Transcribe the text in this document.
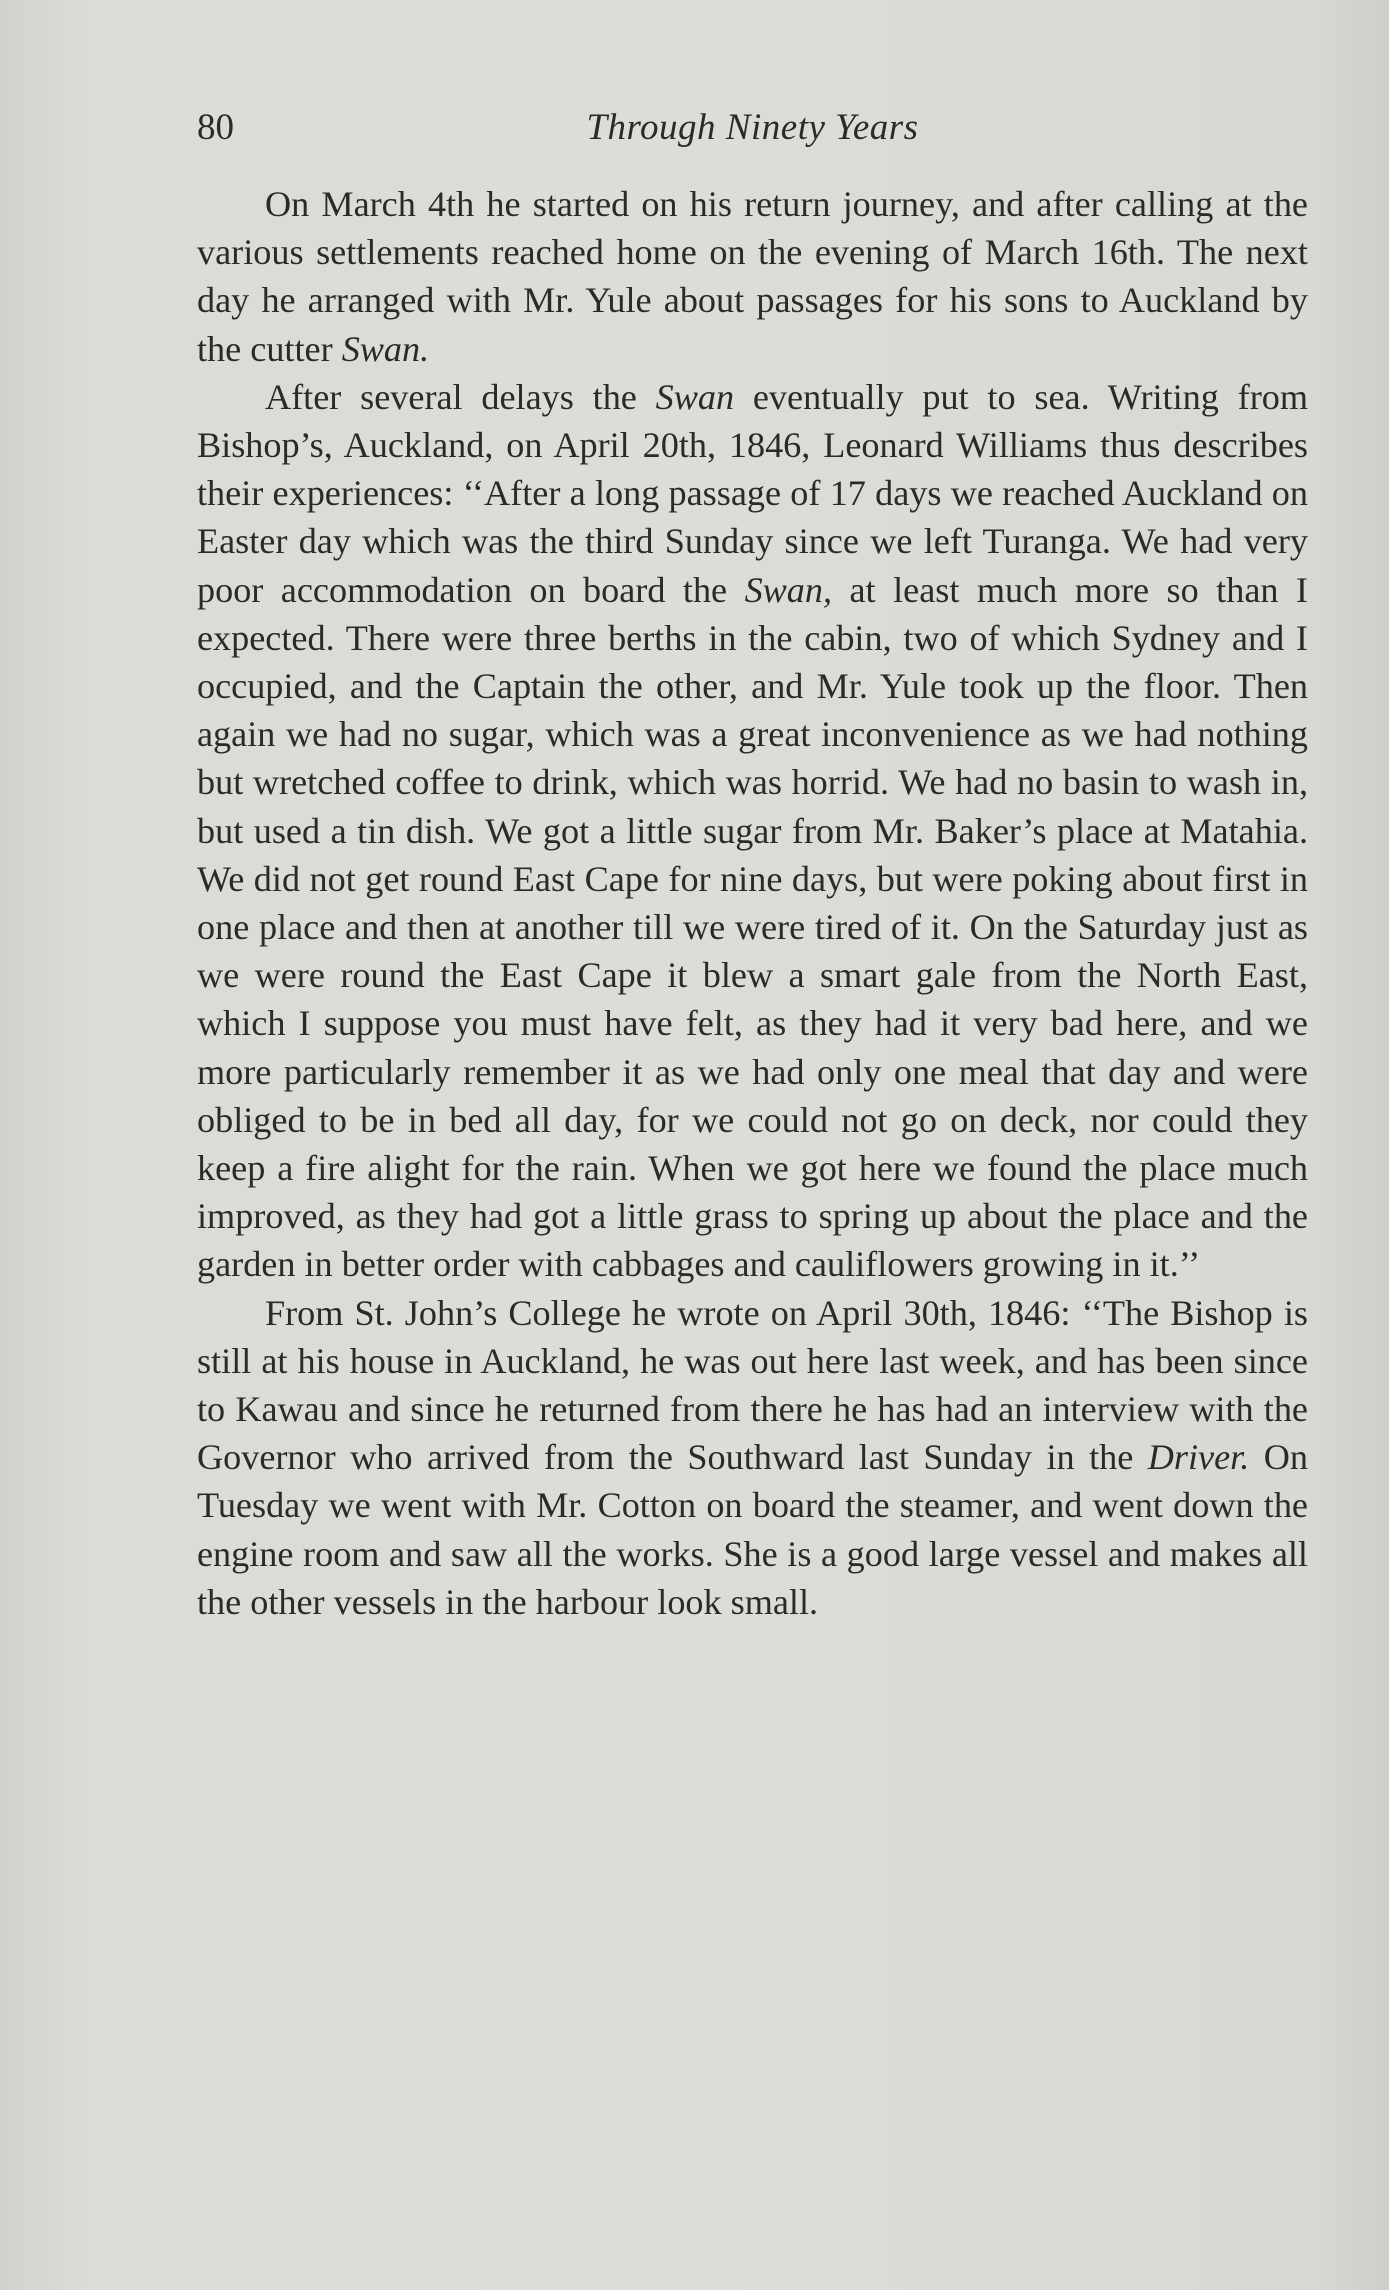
80	Through Ninety Years

On March 4th he started on his return journey, and after calling at the various settlements reached home on the evening of March 16th. The next day he arranged with Mr. Yule about passages for his sons to Auckland by the cutter Swan.

After several delays the Swan eventually put to sea. Writing from Bishop’s, Auckland, on April 20th, 1846, Leonard Williams thus describes their experiences: ‘‘After a long passage of 17 days we reached Auckland on Easter day which was the third Sunday since we left Turanga. We had very poor accommodation on board the Swan, at least much more so than I expected. There were three berths in the cabin, two of which Sydney and I occupied, and the Captain the other, and Mr. Yule took up the floor. Then again we had no sugar, which was a great inconvenience as we had nothing but wretched coffee to drink, which was horrid. We had no basin to wash in, but used a tin dish. We got a little sugar from Mr. Baker’s place at Matahia. We did not get round East Cape for nine days, but were poking about first in one place and then at another till we were tired of it. On the Saturday just as we were round the East Cape it blew a smart gale from the North East, which I suppose you must have felt, as they had it very bad here, and we more particularly remember it as we had only one meal that day and were obliged to be in bed all day, for we could not go on deck, nor could they keep a fire alight for the rain. When we got here we found the place much improved, as they had got a little grass to spring up about the place and the garden in better order with cabbages and cauliflowers growing in it.’’

From St. John’s College he wrote on April 30th, 1846: ‘‘The Bishop is still at his house in Auckland, he was out here last week, and has been since to Kawau and since he returned from there he has had an interview with the Governor who arrived from the Southward last Sunday in the Driver. On Tuesday we went with Mr. Cotton on board the steamer, and went down the engine room and saw all the works. She is a good large vessel and makes all the other vessels in the harbour look small.
